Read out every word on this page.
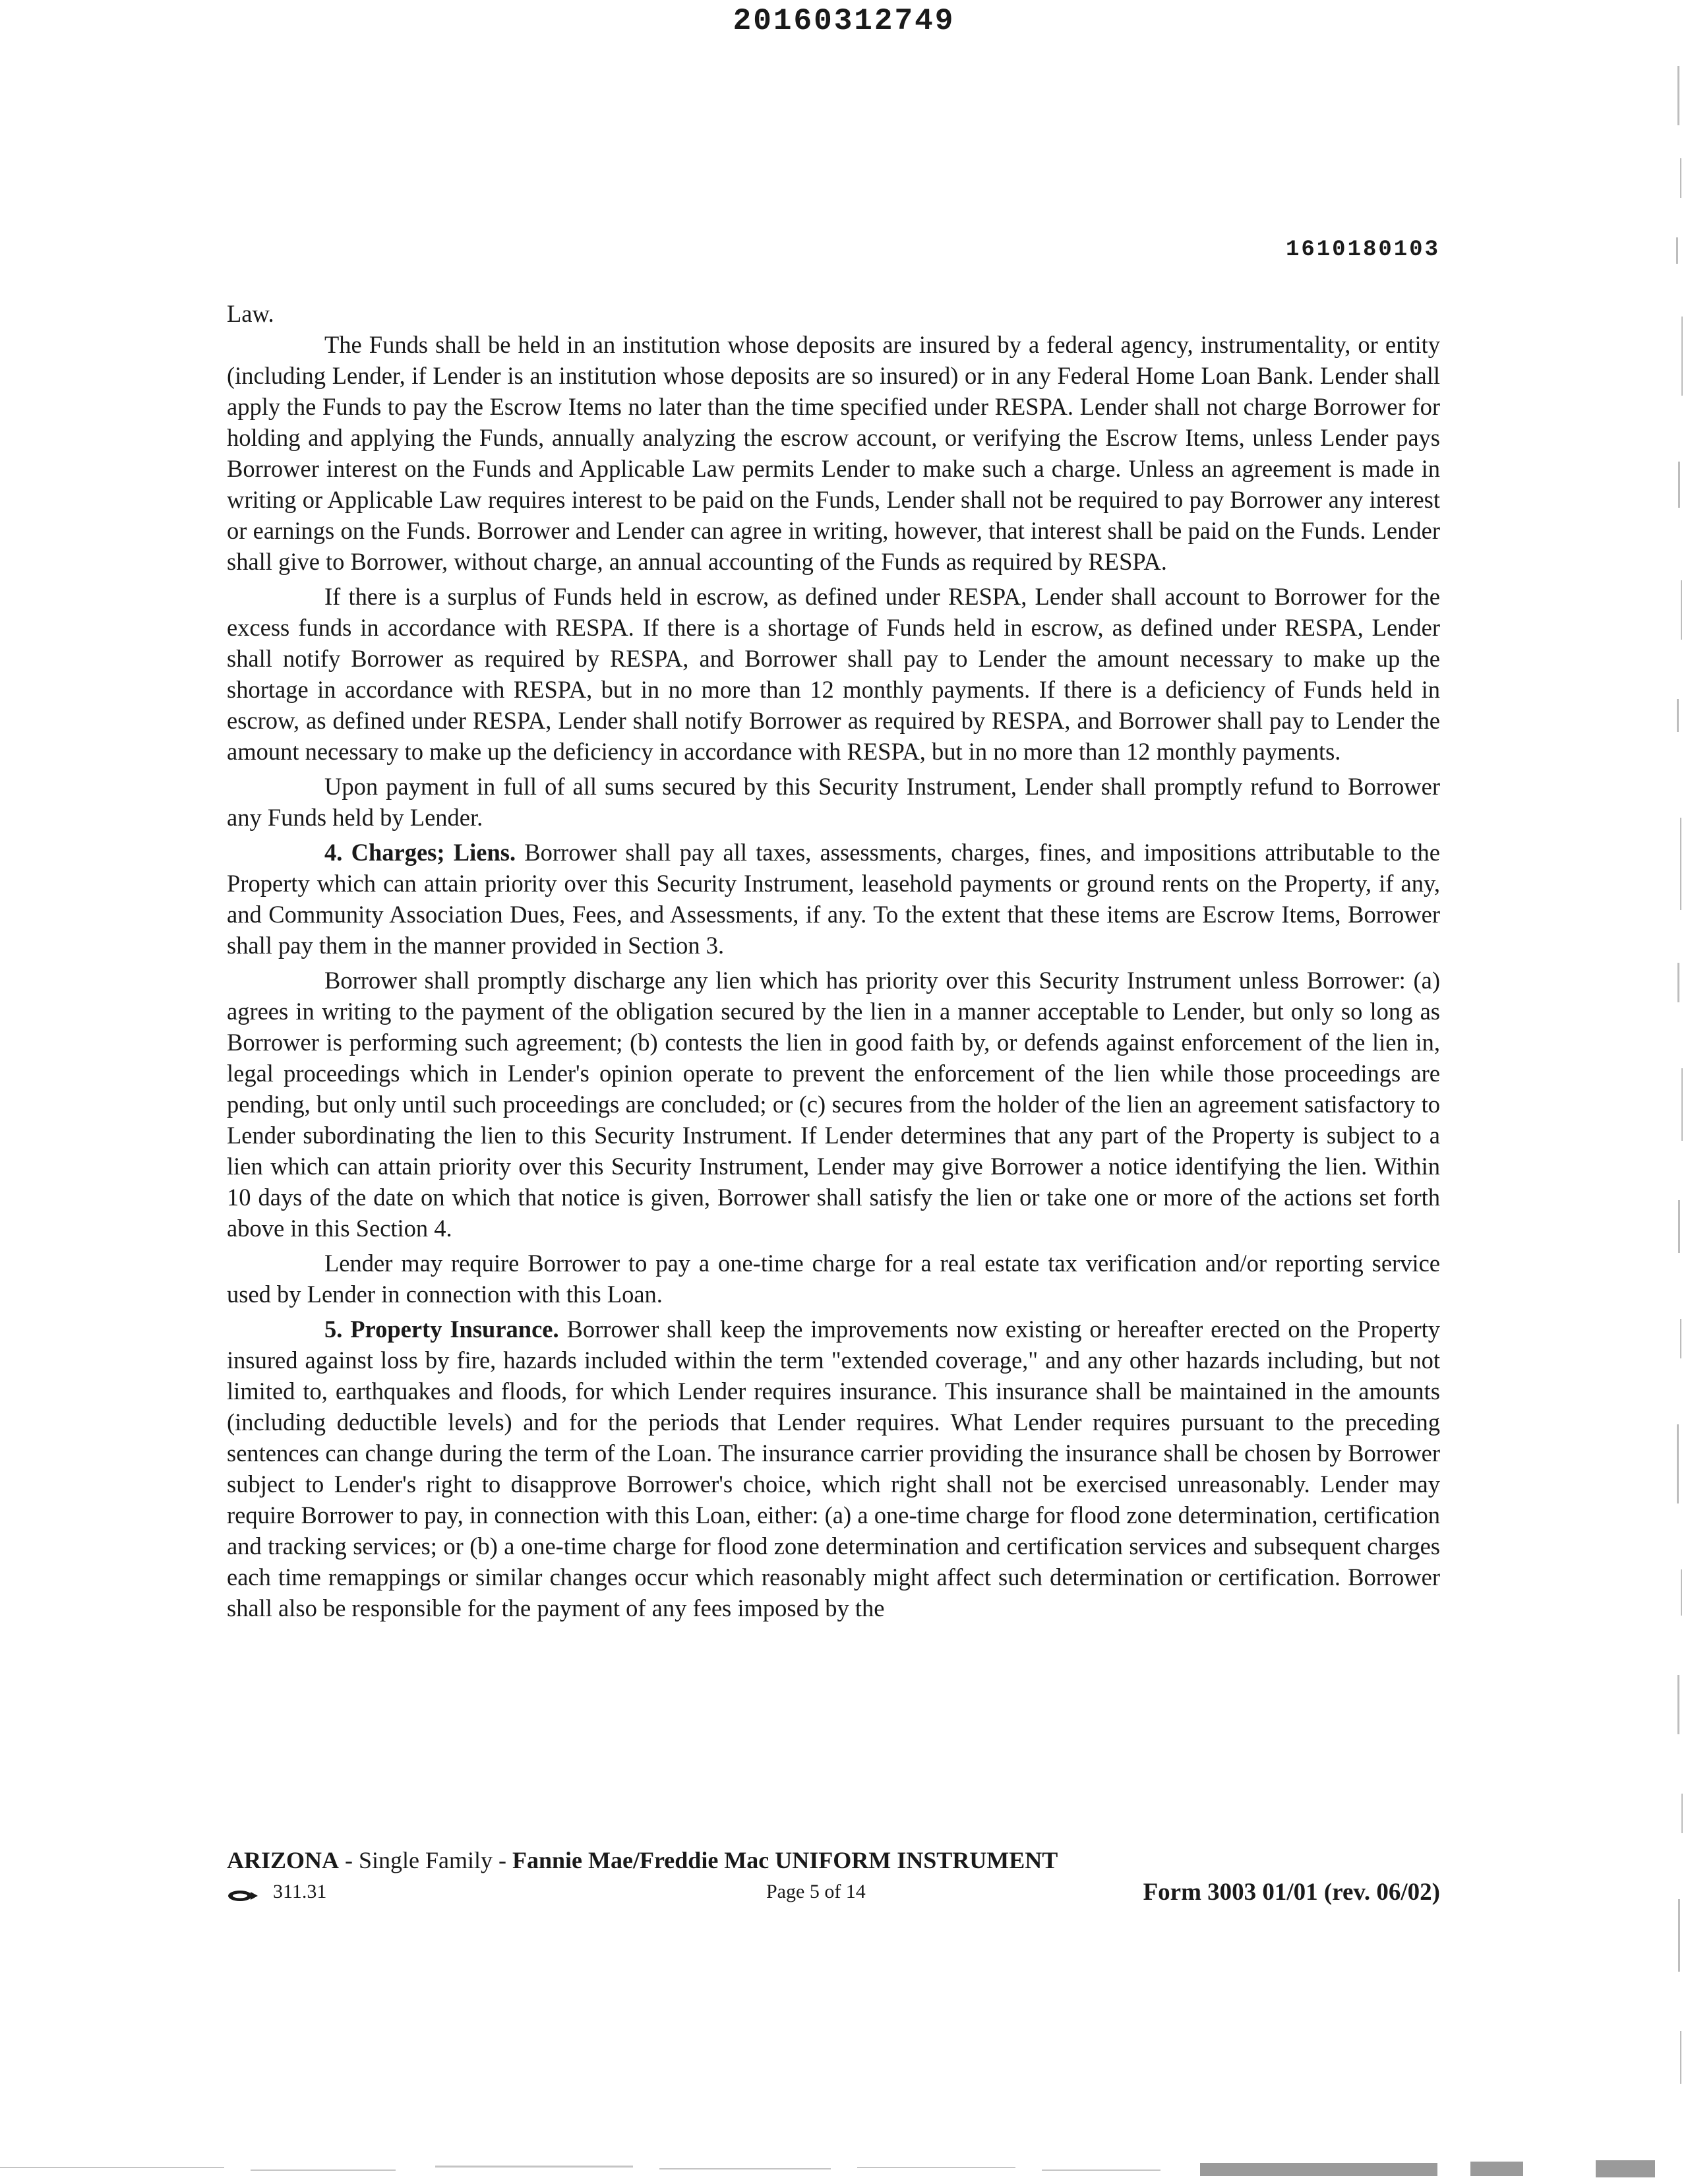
20160312749
1610180103

Law.

The Funds shall be held in an institution whose deposits are insured by a federal agency, instrumentality, or entity (including Lender, if Lender is an institution whose deposits are so insured) or in any Federal Home Loan Bank. Lender shall apply the Funds to pay the Escrow Items no later than the time specified under RESPA. Lender shall not charge Borrower for holding and applying the Funds, annually analyzing the escrow account, or verifying the Escrow Items, unless Lender pays Borrower interest on the Funds and Applicable Law permits Lender to make such a charge. Unless an agreement is made in writing or Applicable Law requires interest to be paid on the Funds, Lender shall not be required to pay Borrower any interest or earnings on the Funds. Borrower and Lender can agree in writing, however, that interest shall be paid on the Funds. Lender shall give to Borrower, without charge, an annual accounting of the Funds as required by RESPA.

If there is a surplus of Funds held in escrow, as defined under RESPA, Lender shall account to Borrower for the excess funds in accordance with RESPA. If there is a shortage of Funds held in escrow, as defined under RESPA, Lender shall notify Borrower as required by RESPA, and Borrower shall pay to Lender the amount necessary to make up the shortage in accordance with RESPA, but in no more than 12 monthly payments. If there is a deficiency of Funds held in escrow, as defined under RESPA, Lender shall notify Borrower as required by RESPA, and Borrower shall pay to Lender the amount necessary to make up the deficiency in accordance with RESPA, but in no more than 12 monthly payments.

Upon payment in full of all sums secured by this Security Instrument, Lender shall promptly refund to Borrower any Funds held by Lender.

4. Charges; Liens. Borrower shall pay all taxes, assessments, charges, fines, and impositions attributable to the Property which can attain priority over this Security Instrument, leasehold payments or ground rents on the Property, if any, and Community Association Dues, Fees, and Assessments, if any. To the extent that these items are Escrow Items, Borrower shall pay them in the manner provided in Section 3.

Borrower shall promptly discharge any lien which has priority over this Security Instrument unless Borrower: (a) agrees in writing to the payment of the obligation secured by the lien in a manner acceptable to Lender, but only so long as Borrower is performing such agreement; (b) contests the lien in good faith by, or defends against enforcement of the lien in, legal proceedings which in Lender's opinion operate to prevent the enforcement of the lien while those proceedings are pending, but only until such proceedings are concluded; or (c) secures from the holder of the lien an agreement satisfactory to Lender subordinating the lien to this Security Instrument. If Lender determines that any part of the Property is subject to a lien which can attain priority over this Security Instrument, Lender may give Borrower a notice identifying the lien. Within 10 days of the date on which that notice is given, Borrower shall satisfy the lien or take one or more of the actions set forth above in this Section 4.

Lender may require Borrower to pay a one-time charge for a real estate tax verification and/or reporting service used by Lender in connection with this Loan.

5. Property Insurance. Borrower shall keep the improvements now existing or hereafter erected on the Property insured against loss by fire, hazards included within the term "extended coverage," and any other hazards including, but not limited to, earthquakes and floods, for which Lender requires insurance. This insurance shall be maintained in the amounts (including deductible levels) and for the periods that Lender requires. What Lender requires pursuant to the preceding sentences can change during the term of the Loan. The insurance carrier providing the insurance shall be chosen by Borrower subject to Lender's right to disapprove Borrower's choice, which right shall not be exercised unreasonably. Lender may require Borrower to pay, in connection with this Loan, either: (a) a one-time charge for flood zone determination, certification and tracking services; or (b) a one-time charge for flood zone determination and certification services and subsequent charges each time remappings or similar changes occur which reasonably might affect such determination or certification. Borrower shall also be responsible for the payment of any fees imposed by the

ARIZONA - Single Family - Fannie Mae/Freddie Mac UNIFORM INSTRUMENT
311.31	Page 5 of 14	Form 3003 01/01 (rev. 06/02)
